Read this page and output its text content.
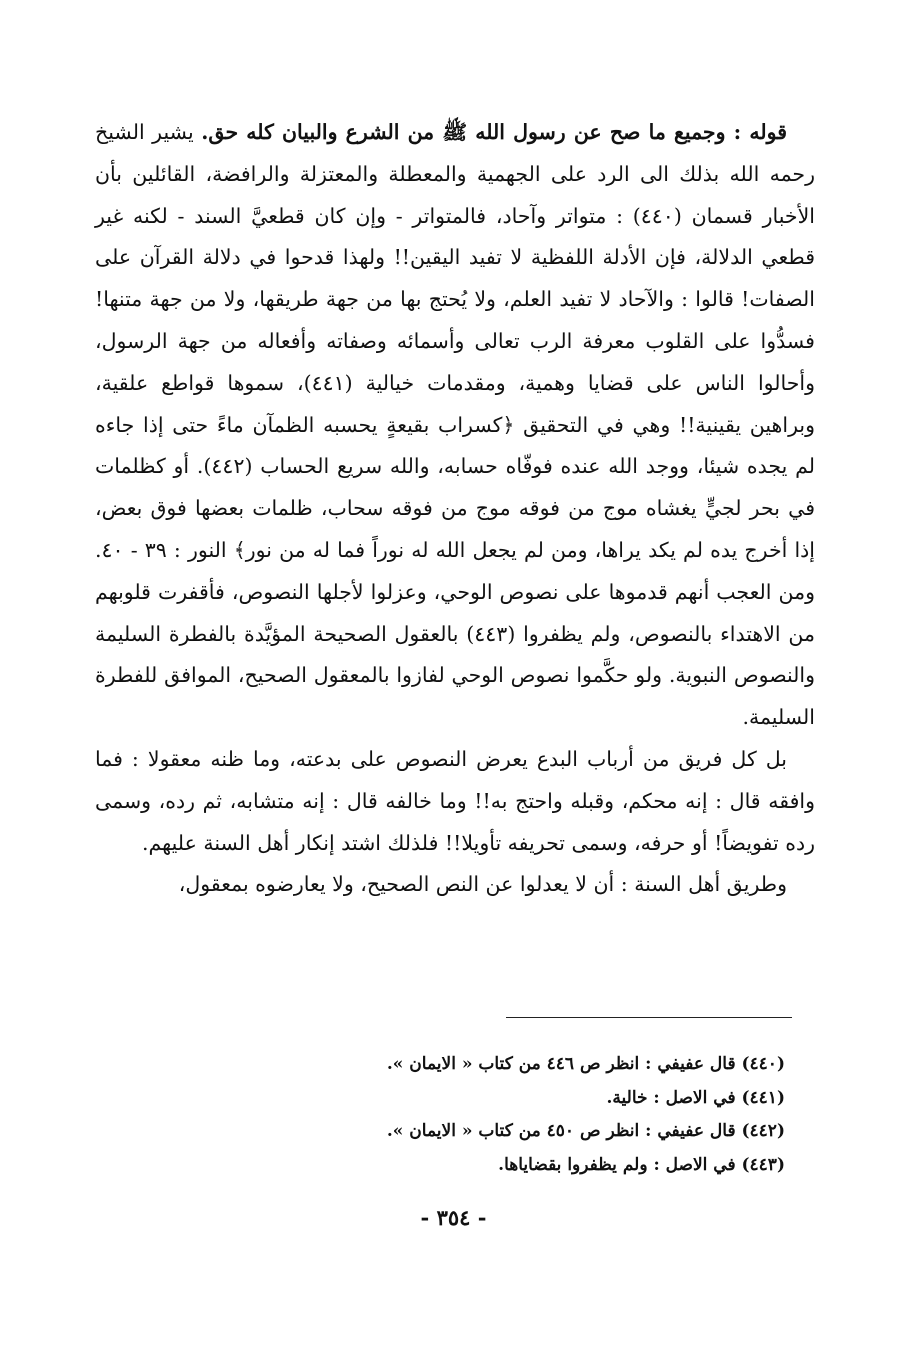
قوله : وجميع ما صح عن رسول الله ﷺ من الشرع والبيان كله حق. يشير الشيخ رحمه الله بذلك الى الرد على الجهمية والمعطلة والمعتزلة والرافضة، القائلين بأن الأخبار قسمان (٤٤٠) : متواتر وآحاد، فالمتواتر - وإن كان قطعيَّ السند - لكنه غير قطعي الدلالة، فإن الأدلة اللفظية لا تفيد اليقين!! ولهذا قدحوا في دلالة القرآن على الصفات! قالوا : والآحاد لا تفيد العلم، ولا يُحتج بها من جهة طريقها، ولا من جهة متنها! فسدُّوا على القلوب معرفة الرب تعالى وأسمائه وصفاته وأفعاله من جهة الرسول، وأحالوا الناس على قضايا وهمية، ومقدمات خيالية (٤٤١)، سموها قواطع علقية، وبراهين يقينية!! وهي في التحقيق ﴿كسراب بقيعةٍ يحسبه الظمآن ماءً حتى إذا جاءه لم يجده شيئا، ووجد الله عنده فوفّاه حسابه، والله سريع الحساب (٤٤٢). أو كظلمات في بحر لجيٍّ يغشاه موج من فوقه موج من فوقه سحاب، ظلمات بعضها فوق بعض، إذا أخرج يده لم يكد يراها، ومن لم يجعل الله له نوراً فما له من نور﴾ النور : ٣٩ - ٤٠. ومن العجب أنهم قدموها على نصوص الوحي، وعزلوا لأجلها النصوص، فأقفرت قلوبهم من الاهتداء بالنصوص، ولم يظفروا (٤٤٣) بالعقول الصحيحة المؤيَّدة بالفطرة السليمة والنصوص النبوية. ولو حكَّموا نصوص الوحي لفازوا بالمعقول الصحيح، الموافق للفطرة السليمة.

بل كل فريق من أرباب البدع يعرض النصوص على بدعته، وما ظنه معقولا : فما وافقه قال : إنه محكم، وقبله واحتج به!! وما خالفه قال : إنه متشابه، ثم رده، وسمى رده تفويضاً! أو حرفه، وسمى تحريفه تأويلا!! فلذلك اشتد إنكار أهل السنة عليهم.

وطريق أهل السنة : أن لا يعدلوا عن النص الصحيح، ولا يعارضوه بمعقول،

(٤٤٠) قال عفيفي : انظر ص ٤٤٦ من كتاب « الايمان ».
(٤٤١) في الاصل : خالية.
(٤٤٢) قال عفيفي : انظر ص ٤٥٠ من كتاب « الايمان ».
(٤٤٣) في الاصل : ولم يظفروا بقضاياها.
- ٣٥٤ -
